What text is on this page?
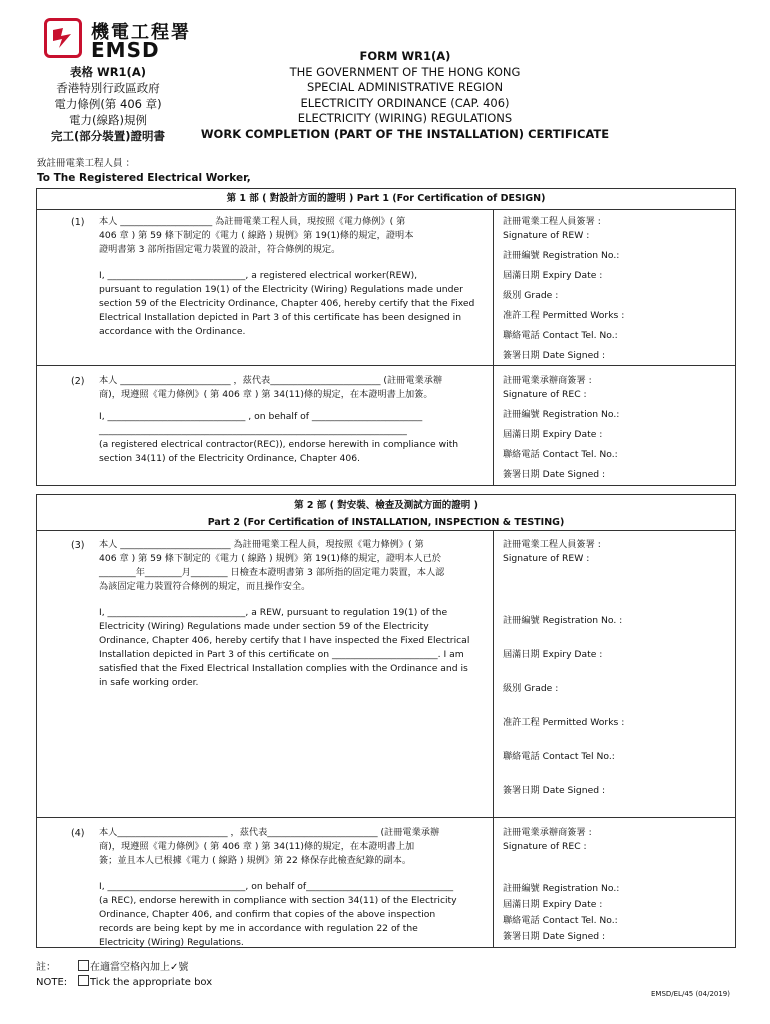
機電工程署
EMSD
表格 WR1(A)
香港特別行政區政府
電力條例(第 406 章)
電力(線路)規例
完工(部分裝置)證明書
FORM WR1(A)
THE GOVERNMENT OF THE HONG KONG
SPECIAL ADMINISTRATIVE REGION
ELECTRICITY ORDINANCE (CAP. 406)
ELECTRICITY (WIRING) REGULATIONS
WORK COMPLETION (PART OF THE INSTALLATION) CERTIFICATE
致註冊電業工程人員 ：
To The Registered Electrical Worker,
第 1 部 ( 對設計方面的證明 ) Part 1 (For Certification of DESIGN)
(1) 本人 ____________________ 為註冊電業工程人員，現按照《電力條例》( 第
406 章 ) 第 59 條下制定的《電力 ( 線路 ) 規例》第 19(1)條的規定，證明本
證明書第 3 部所指固定電力裝置的設計，符合條例的規定。
I, ______________________________, a registered electrical worker(REW),
pursuant to regulation 19(1) of the Electricity (Wiring) Regulations made under
section 59 of the Electricity Ordinance, Chapter 406, hereby certify that the Fixed
Electrical Installation depicted in Part 3 of this certificate has been designed in
accordance with the Ordinance.
註冊電業工程人員簽署 :
Signature of REW :
註冊編號 Registration No.:
屆滿日期 Expiry Date :
級別 Grade :
准許工程 Permitted Works :
聯絡電話 Contact Tel. No.:
簽署日期 Date Signed :
(2) 本人 ________________________ ，茲代表________________________ (註冊電業承辦
商)，現遵照《電力條例》( 第 406 章 ) 第 34(11)條的規定，在本證明書上加簽。
I, ______________________________ , on behalf of ________________________
___________________________________________________________________
(a registered electrical contractor(REC)), endorse herewith in compliance with
section 34(11) of the Electricity Ordinance, Chapter 406.
註冊電業承辦商簽署 :
Signature of REC :
註冊編號 Registration No.:
屆滿日期 Expiry Date :
聯絡電話 Contact Tel. No.:
簽署日期 Date Signed :
第 2 部 ( 對安裝、檢查及測試方面的證明 )
Part 2 (For Certification of INSTALLATION, INSPECTION & TESTING)
(3) 本人 ________________________ 為註冊電業工程人員，現按照《電力條例》( 第
406 章 ) 第 59 條下制定的《電力 ( 線路 ) 規例》第 19(1)條的規定，證明本人已於
________年________月________ 日檢查本證明書第 3 部所指的固定電力裝置，本人認
為該固定電力裝置符合條例的規定，而且操作安全。
I, ______________________________, a REW, pursuant to regulation 19(1) of the
Electricity (Wiring) Regulations made under section 59 of the Electricity
Ordinance, Chapter 406, hereby certify that I have inspected the Fixed Electrical
Installation depicted in Part 3 of this certificate on _______________________. I am
satisfied that the Fixed Electrical Installation complies with the Ordinance and is
in safe working order.
註冊電業工程人員簽署 :
Signature of REW :
註冊編號 Registration No. :
屆滿日期 Expiry Date :
級別 Grade :
准許工程 Permitted Works :
聯絡電話 Contact Tel No.:
簽署日期 Date Signed :
(4) 本人________________________ ，茲代表________________________ (註冊電業承辦
商)，現遵照《電力條例》( 第 406 章 ) 第 34(11)條的規定，在本證明書上加
簽；並且本人已根據《電力 ( 線路 ) 規例》第 22 條保存此檢查紀錄的副本。
I, ______________________________, on behalf of________________________________
(a REC), endorse herewith in compliance with section 34(11) of the Electricity
Ordinance, Chapter 406, and confirm that copies of the above inspection
records are being kept by me in accordance with regulation 22 of the
Electricity (Wiring) Regulations.
註冊電業承辦商簽署 :
Signature of REC :
註冊編號 Registration No.:
屆滿日期 Expiry Date :
聯絡電話 Contact Tel. No.:
簽署日期 Date Signed :
註：	在適當空格內加上✓號
NOTE: Tick the appropriate box
EMSD/EL/45 (04/2019)
